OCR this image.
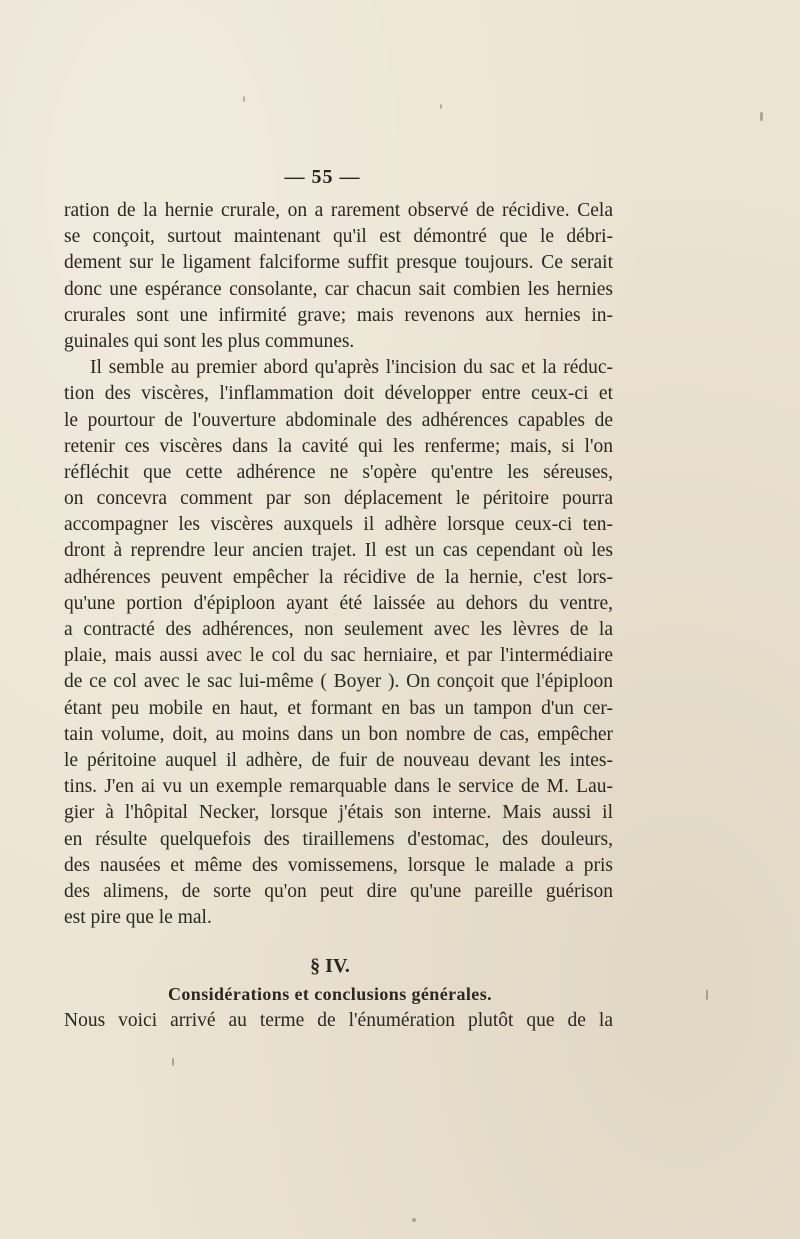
— 55 —

ration de la hernie crurale, on a rarement observé de récidive. Cela
se conçoit, surtout maintenant qu'il est démontré que le débri-
dement sur le ligament falciforme suffit presque toujours. Ce serait
donc une espérance consolante, car chacun sait combien les hernies
crurales sont une infirmité grave; mais revenons aux hernies in-
guinales qui sont les plus communes.
Il semble au premier abord qu'après l'incision du sac et la réduc-
tion des viscères, l'inflammation doit développer entre ceux-ci et
le pourtour de l'ouverture abdominale des adhérences capables de
retenir ces viscères dans la cavité qui les renferme; mais, si l'on
réfléchit que cette adhérence ne s'opère qu'entre les séreuses,
on concevra comment par son déplacement le péritoire pourra
accompagner les viscères auxquels il adhère lorsque ceux-ci ten-
dront à reprendre leur ancien trajet. Il est un cas cependant où les
adhérences peuvent empêcher la récidive de la hernie, c'est lors-
qu'une portion d'épiploon ayant été laissée au dehors du ventre,
a contracté des adhérences, non seulement avec les lèvres de la
plaie, mais aussi avec le col du sac herniaire, et par l'intermédiaire
de ce col avec le sac lui-même ( Boyer ). On conçoit que l'épiploon
étant peu mobile en haut, et formant en bas un tampon d'un cer-
tain volume, doit, au moins dans un bon nombre de cas, empêcher
le péritoine auquel il adhère, de fuir de nouveau devant les intes-
tins. J'en ai vu un exemple remarquable dans le service de M. Lau-
gier à l'hôpital Necker, lorsque j'étais son interne. Mais aussi il
en résulte quelquefois des tiraillemens d'estomac, des douleurs,
des nausées et même des vomissemens, lorsque le malade a pris
des alimens, de sorte qu'on peut dire qu'une pareille guérison
est pire que le mal.

§ IV.

Considérations et conclusions générales.

Nous voici arrivé au terme de l'énumération plutôt que de la
